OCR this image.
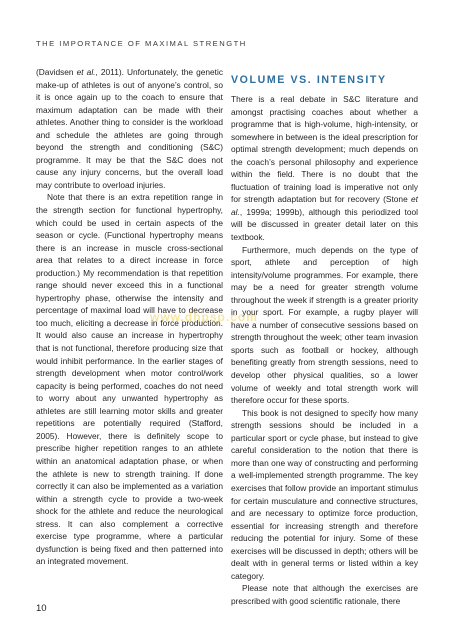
THE IMPORTANCE OF MAXIMAL STRENGTH

(Davidsen et al., 2011). Unfortunately, the genetic make-up of athletes is out of anyone’s control, so it is once again up to the coach to ensure that maximum adaptation can be made with their athletes. Another thing to consider is the workload and schedule the athletes are going through beyond the strength and conditioning (S&C) programme. It may be that the S&C does not cause any injury concerns, but the overall load may contribute to overload injuries.

Note that there is an extra repetition range in the strength section for functional hypertrophy, which could be used in certain aspects of the season or cycle. (Functional hypertrophy means there is an increase in muscle cross-sectional area that relates to a direct increase in force production.) My recommendation is that repetition range should never exceed this in a functional hypertrophy phase, otherwise the intensity and percentage of maximal load will have to decrease too much, eliciting a decrease in force production. It would also cause an increase in hypertrophy that is not functional, therefore producing size that would inhibit performance. In the earlier stages of strength development when motor control/work capacity is being performed, coaches do not need to worry about any unwanted hypertrophy as athletes are still learning motor skills and greater repetitions are potentially required (Stafford, 2005). However, there is definitely scope to prescribe higher repetition ranges to an athlete within an anatomical adaptation phase, or when the athlete is new to strength training. If done correctly it can also be implemented as a variation within a strength cycle to provide a two-week shock for the athlete and reduce the neurological stress. It can also complement a corrective exercise type programme, where a particular dysfunction is being fixed and then patterned into an integrated movement.

VOLUME VS. INTENSITY

There is a real debate in S&C literature and amongst practising coaches about whether a programme that is high-volume, high-intensity, or somewhere in between is the ideal prescription for optimal strength development; much depends on the coach’s personal philosophy and experience within the field. There is no doubt that the fluctuation of training load is imperative not only for strength adaptation but for recovery (Stone et al., 1999a; 1999b), although this periodized tool will be discussed in greater detail later on this textbook.

Furthermore, much depends on the type of sport, athlete and perception of high intensity/volume programmes. For example, there may be a need for greater strength volume throughout the week if strength is a greater priority in your sport. For example, a rugby player will have a number of consecutive sessions based on strength throughout the week; other team invasion sports such as football or hockey, although benefiting greatly from strength sessions, need to develop other physical qualities, so a lower volume of weekly and total strength work will therefore occur for these sports.

This book is not designed to specify how many strength sessions should be included in a particular sport or cycle phase, but instead to give careful consideration to the notion that there is more than one way of constructing and performing a well-implemented strength programme. The key exercises that follow provide an important stimulus for certain musculature and connective structures, and are necessary to optimize force production, essential for increasing strength and therefore reducing the potential for injury. Some of these exercises will be discussed in depth; others will be dealt with in general terms or listed within a key category.

Please note that although the exercises are prescribed with good scientific rationale, there

www.dhpsp.com
10
